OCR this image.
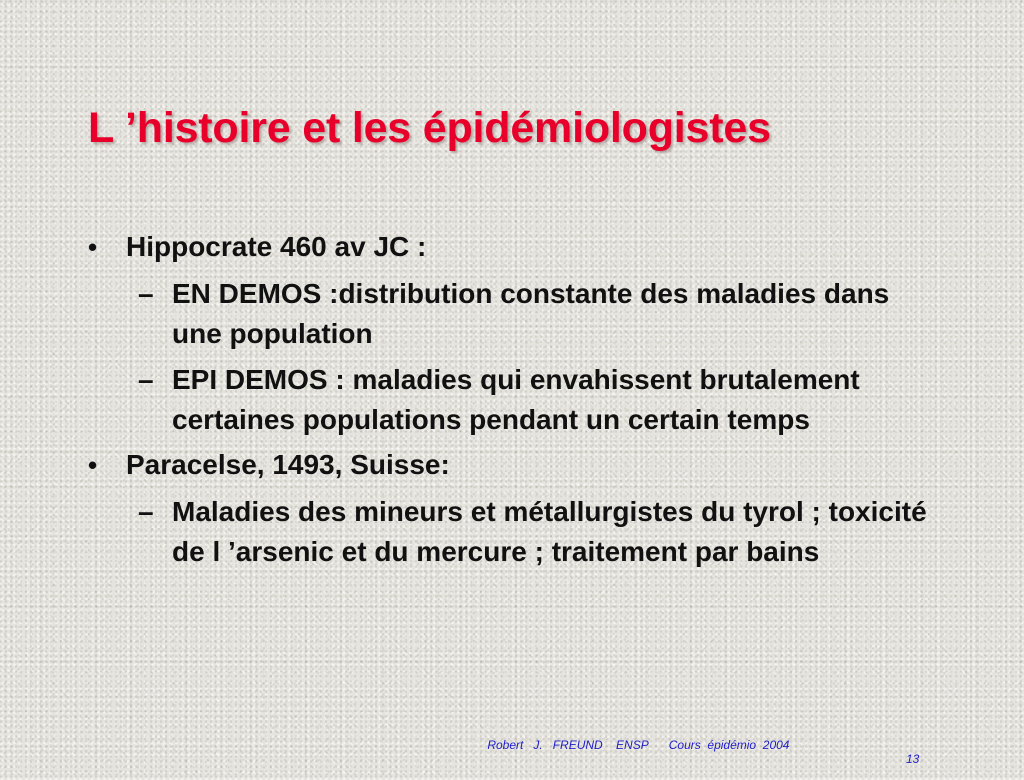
L ’histoire et les épidémiologistes
• Hippocrate 460 av JC :
– EN DEMOS :distribution constante des maladies dans une population
– EPI DEMOS : maladies qui envahissent brutalement certaines populations pendant un certain temps
• Paracelse, 1493, Suisse:
– Maladies des mineurs et métallurgistes du tyrol ; toxicité de l ’arsenic et du mercure ; traitement par bains

Robert   J.   FREUND    ENSP Cours  épidémio  2004

13
